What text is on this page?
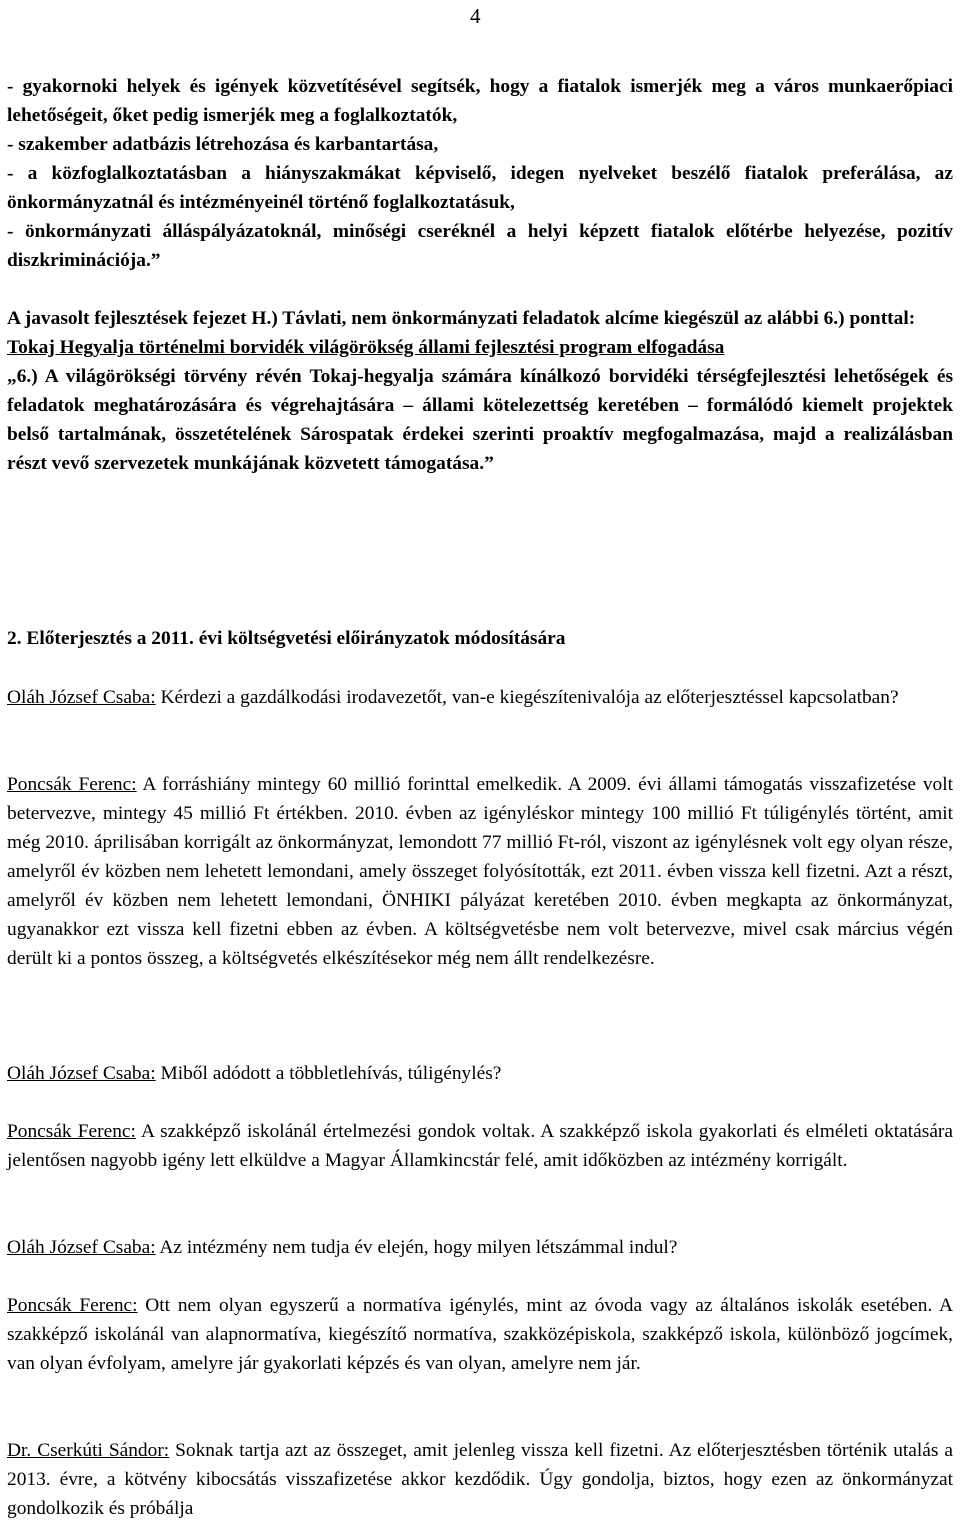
4

- gyakornoki helyek és igények közvetítésével segítsék, hogy a fiatalok ismerjék meg a város munkaerőpiaci lehetőségeit, őket pedig ismerjék meg a foglalkoztatók,

- szakember adatbázis létrehozása és karbantartása,

- a közfoglalkoztatásban a hiányszakmákat képviselő, idegen nyelveket beszélő fiatalok preferálása, az önkormányzatnál és intézményeinél történő foglalkoztatásuk,

- önkormányzati álláspályázatoknál, minőségi cseréknél a helyi képzett fiatalok előtérbe helyezése, pozitív diszkriminációja.”

A javasolt fejlesztések fejezet H.) Távlati, nem önkormányzati feladatok alcíme kiegészül az alábbi 6.) ponttal:

Tokaj Hegyalja történelmi borvidék világörökség állami fejlesztési program elfogadása

„6.) A világörökségi törvény révén Tokaj-hegyalja számára kínálkozó borvidéki térségfejlesztési lehetőségek és feladatok meghatározására és végrehajtására – állami kötelezettség keretében – formálódó kiemelt projektek belső tartalmának, összetételének Sárospatak érdekei szerinti proaktív megfogalmazása, majd a realizálásban részt vevő szervezetek munkájának közvetett támogatása.”

2. Előterjesztés a 2011. évi költségvetési előirányzatok módosítására

Oláh József Csaba: Kérdezi a gazdálkodási irodavezetőt, van-e kiegészítenivalója az előterjesztéssel kapcsolatban?

Poncsák Ferenc: A forráshiány mintegy 60 millió forinttal emelkedik. A 2009. évi állami támogatás visszafizetése volt betervezve, mintegy 45 millió Ft értékben. 2010. évben az igényléskor mintegy 100 millió Ft túligénylés történt, amit még 2010. áprilisában korrigált az önkormányzat, lemondott 77 millió Ft-ról, viszont az igénylésnek volt egy olyan része, amelyről év közben nem lehetett lemondani, amely összeget folyósították, ezt 2011. évben vissza kell fizetni. Azt a részt, amelyről év közben nem lehetett lemondani, ÖNHIKI pályázat keretében 2010. évben megkapta az önkormányzat, ugyanakkor ezt vissza kell fizetni ebben az évben. A költségvetésbe nem volt betervezve, mivel csak március végén derült ki a pontos összeg, a költségvetés elkészítésekor még nem állt rendelkezésre.

Oláh József Csaba: Miből adódott a többletlehívás, túligénylés?

Poncsák Ferenc: A szakképző iskolánál értelmezési gondok voltak. A szakképző iskola gyakorlati és elméleti oktatására jelentősen nagyobb igény lett elküldve a Magyar Államkincstár felé, amit időközben az intézmény korrigált.

Oláh József Csaba: Az intézmény nem tudja év elején, hogy milyen létszámmal indul?

Poncsák Ferenc: Ott nem olyan egyszerű a normatíva igénylés, mint az óvoda vagy az általános iskolák esetében. A szakképző iskolánál van alapnormatíva, kiegészítő normatíva, szakközépiskola, szakképző iskola, különböző jogcímek, van olyan évfolyam, amelyre jár gyakorlati képzés és van olyan, amelyre nem jár.

Dr. Cserkúti Sándor: Soknak tartja azt az összeget, amit jelenleg vissza kell fizetni. Az előterjesztésben történik utalás a 2013. évre, a kötvény kibocsátás visszafizetése akkor kezdődik. Úgy gondolja, biztos, hogy ezen az önkormányzat gondolkozik és próbálja
